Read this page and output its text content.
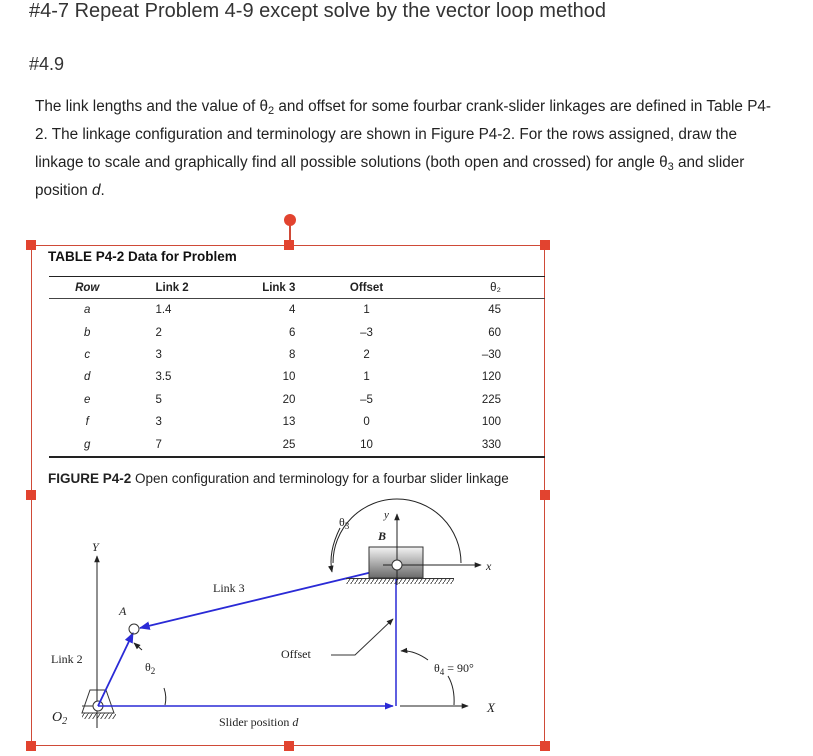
#4-7 Repeat Problem 4-9 except solve by the vector loop method
#4.9
The link lengths and the value of $\theta_2$ and offset for some fourbar crank-slider linkages are defined in Table P4-2. The linkage configuration and terminology are shown in Figure P4-2. For the rows assigned, draw the linkage to scale and graphically find all possible solutions (both open and crossed) for angle $\theta_3$ and slider position d.
TABLE P4-2 Data for Problem
Row	Link 2	Link 3	Offset	θ₂
a	1.4	4	1	45
b	2	6	–3	60
c	3	8	2	–30
d	3.5	10	1	120
e	5	20	–5	225
f	3	13	0	100
g	7	25	10	330
FIGURE P4-2 Open configuration and terminology for a fourbar slider linkage
Y
$O_2$
X
A
y
x
B
$\theta_3$
$\theta_2$	$\theta_4 = 90^\circ$
Offset
Link 3
Link 2
Slider position d
